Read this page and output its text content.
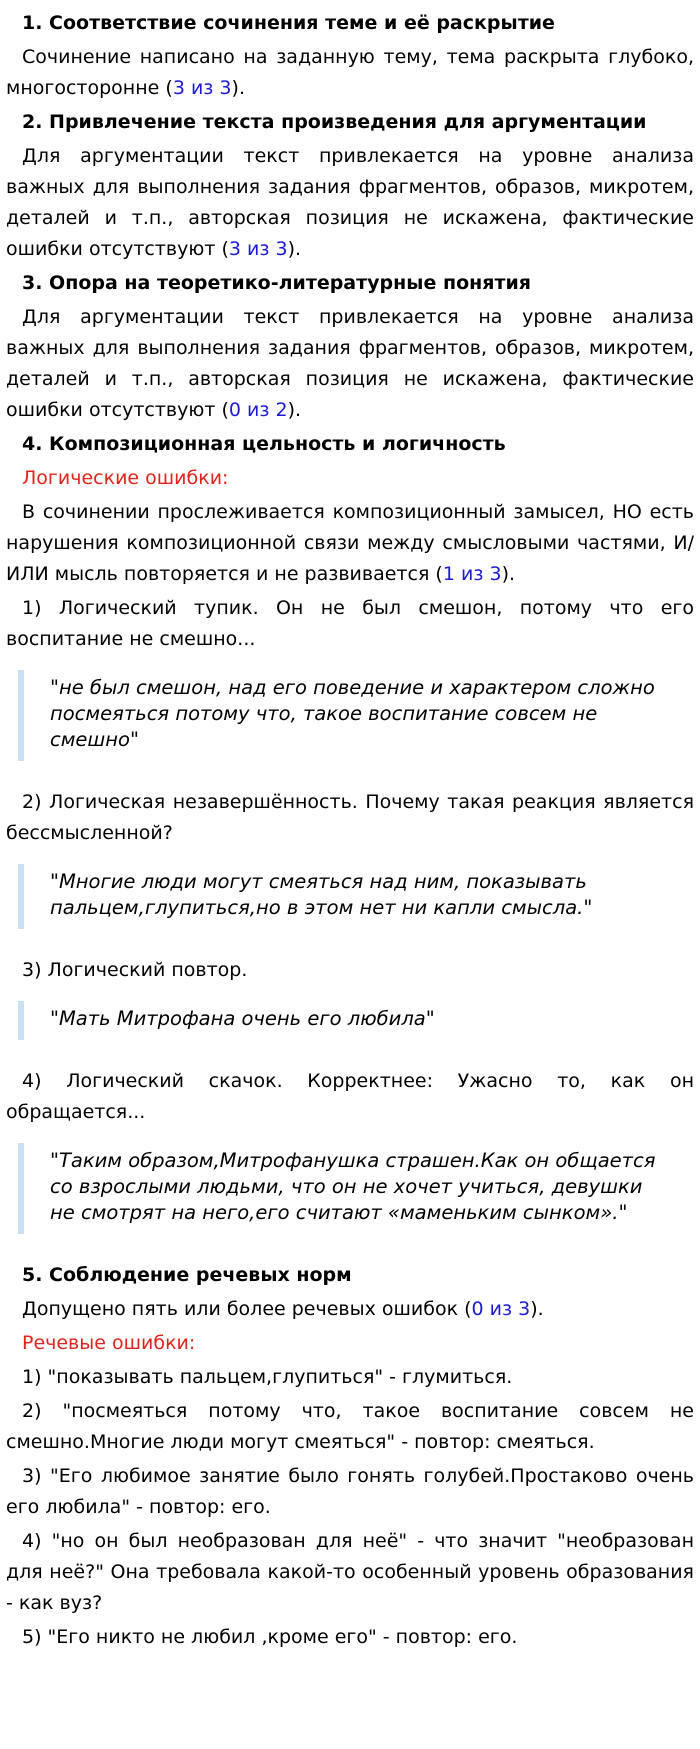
1. Соответствие сочинения теме и её раскрытие
Сочинение написано на заданную тему, тема раскрыта глубоко, многосторонне (3 из 3).
2. Привлечение текста произведения для аргументации
Для аргументации текст привлекается на уровне анализа важных для выполнения задания фрагментов, образов, микротем, деталей и т.п., авторская позиция не искажена, фактические ошибки отсутствуют (3 из 3).
3. Опора на теоретико-литературные понятия
Для аргументации текст привлекается на уровне анализа важных для выполнения задания фрагментов, образов, микротем, деталей и т.п., авторская позиция не искажена, фактические ошибки отсутствуют (0 из 2).
4. Композиционная цельность и логичность
Логические ошибки:
В сочинении прослеживается композиционный замысел, НО есть нарушения композиционной связи между смысловыми частями, И/ИЛИ мысль повторяется и не развивается (1 из 3).
1) Логический тупик. Он не был смешон, потому что его воспитание не смешно...
"не был смешон, над его поведение и характером сложно
посмеяться потому что, такое воспитание совсем не
смешно"
2) Логическая незавершённость. Почему такая реакция является бессмысленной?
"Многие люди могут смеяться над ним, показывать
пальцем,глупиться,но в этом нет ни капли смысла."
3) Логический повтор.
"Мать Митрофана очень его любила"
4) Логический скачок. Корректнее: Ужасно то, как он обращается...
"Таким образом,Митрофанушка страшен.Как он общается
со взрослыми людьми, что он не хочет учиться, девушки
не смотрят на него,его считают «маменьким сынком»."
5. Соблюдение речевых норм
Допущено пять или более речевых ошибок (0 из 3).
Речевые ошибки:
1) "показывать пальцем,глупиться" - глумиться.
2) "посмеяться потому что, такое воспитание совсем не смешно.Многие люди могут смеяться" - повтор: смеяться.
3) "Его любимое занятие было гонять голубей.Простаково очень его любила" - повтор: его.
4) "но он был необразован для неё" - что значит "необразован для неё?" Она требовала какой-то особенный уровень образования - как вуз?
5) "Его никто не любил ,кроме его" - повтор: его.
